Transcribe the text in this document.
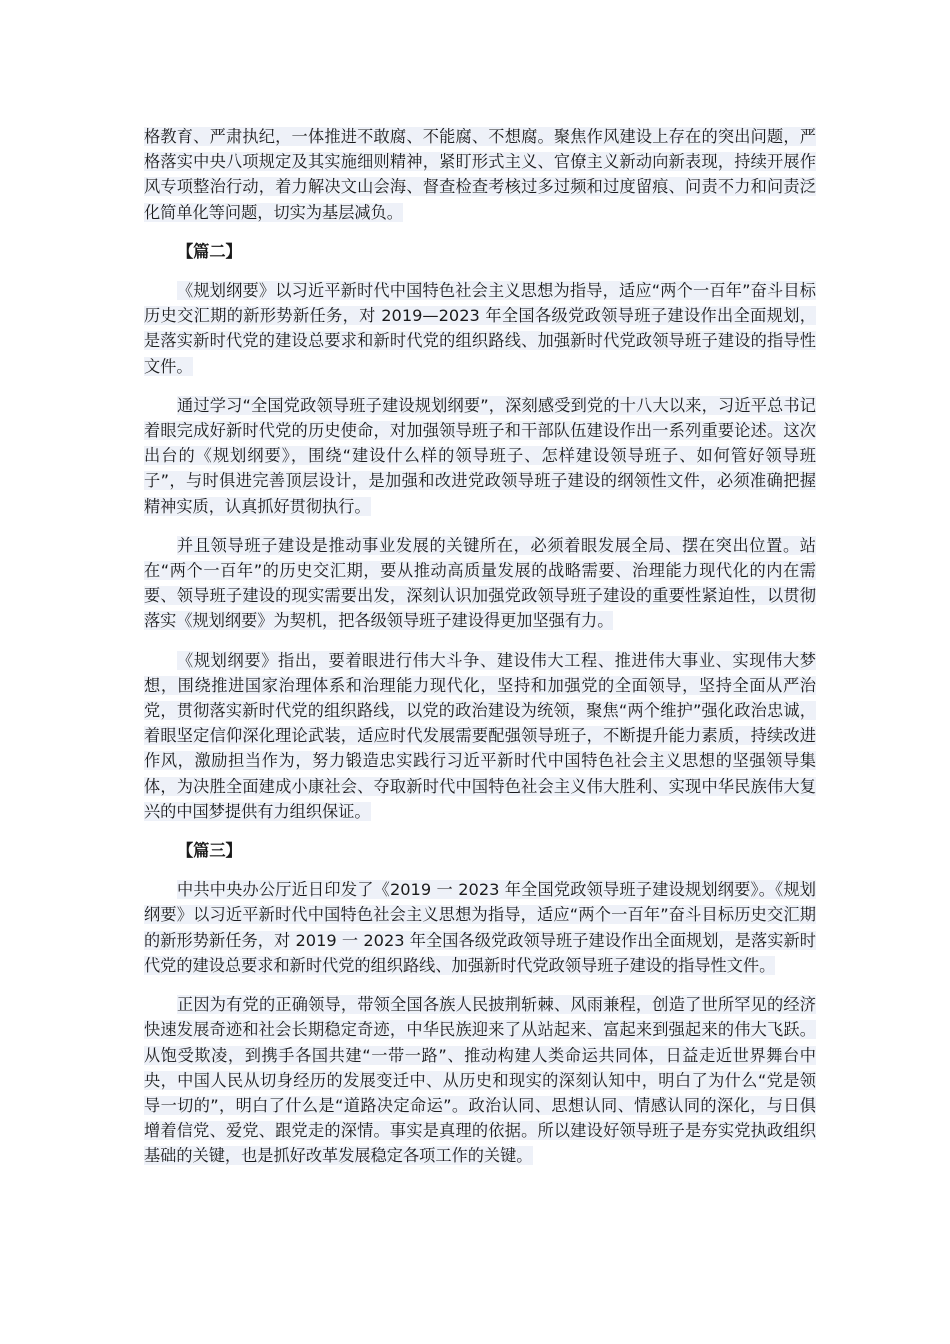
格教育、严肃执纪，一体推进不敢腐、不能腐、不想腐。聚焦作风建设上存在的突出问题，严格落实中央八项规定及其实施细则精神，紧盯形式主义、官僚主义新动向新表现，持续开展作风专项整治行动，着力解决文山会海、督查检查考核过多过频和过度留痕、问责不力和问责泛化简单化等问题，切实为基层减负。

【篇二】

《规划纲要》以习近平新时代中国特色社会主义思想为指导，适应“两个一百年”奋斗目标历史交汇期的新形势新任务，对 2019—2023 年全国各级党政领导班子建设作出全面规划，是落实新时代党的建设总要求和新时代党的组织路线、加强新时代党政领导班子建设的指导性文件。

通过学习“全国党政领导班子建设规划纲要”，深刻感受到党的十八大以来，习近平总书记着眼完成好新时代党的历史使命，对加强领导班子和干部队伍建设作出一系列重要论述。这次出台的《规划纲要》，围绕“建设什么样的领导班子、怎样建设领导班子、如何管好领导班子”，与时俱进完善顶层设计，是加强和改进党政领导班子建设的纲领性文件，必须准确把握精神实质，认真抓好贯彻执行。

并且领导班子建设是推动事业发展的关键所在，必须着眼发展全局、摆在突出位置。站在“两个一百年”的历史交汇期，要从推动高质量发展的战略需要、治理能力现代化的内在需要、领导班子建设的现实需要出发，深刻认识加强党政领导班子建设的重要性紧迫性，以贯彻落实《规划纲要》为契机，把各级领导班子建设得更加坚强有力。

《规划纲要》指出，要着眼进行伟大斗争、建设伟大工程、推进伟大事业、实现伟大梦想，围绕推进国家治理体系和治理能力现代化，坚持和加强党的全面领导，坚持全面从严治党，贯彻落实新时代党的组织路线，以党的政治建设为统领，聚焦“两个维护”强化政治忠诚，着眼坚定信仰深化理论武装，适应时代发展需要配强领导班子，不断提升能力素质，持续改进作风，激励担当作为，努力锻造忠实践行习近平新时代中国特色社会主义思想的坚强领导集体，为决胜全面建成小康社会、夺取新时代中国特色社会主义伟大胜利、实现中华民族伟大复兴的中国梦提供有力组织保证。

【篇三】

中共中央办公厅近日印发了《2019 一 2023 年全国党政领导班子建设规划纲要》。《规划纲要》以习近平新时代中国特色社会主义思想为指导，适应“两个一百年”奋斗目标历史交汇期的新形势新任务，对 2019 一 2023 年全国各级党政领导班子建设作出全面规划，是落实新时代党的建设总要求和新时代党的组织路线、加强新时代党政领导班子建设的指导性文件。

正因为有党的正确领导，带领全国各族人民披荆斩棘、风雨兼程，创造了世所罕见的经济快速发展奇迹和社会长期稳定奇迹，中华民族迎来了从站起来、富起来到强起来的伟大飞跃。从饱受欺凌，到携手各国共建“一带一路”、推动构建人类命运共同体，日益走近世界舞台中央，中国人民从切身经历的发展变迁中、从历史和现实的深刻认知中，明白了为什么“党是领导一切的”，明白了什么是“道路决定命运”。政治认同、思想认同、情感认同的深化，与日俱增着信党、爱党、跟党走的深情。事实是真理的依据。所以建设好领导班子是夯实党执政组织基础的关键，也是抓好改革发展稳定各项工作的关键。
